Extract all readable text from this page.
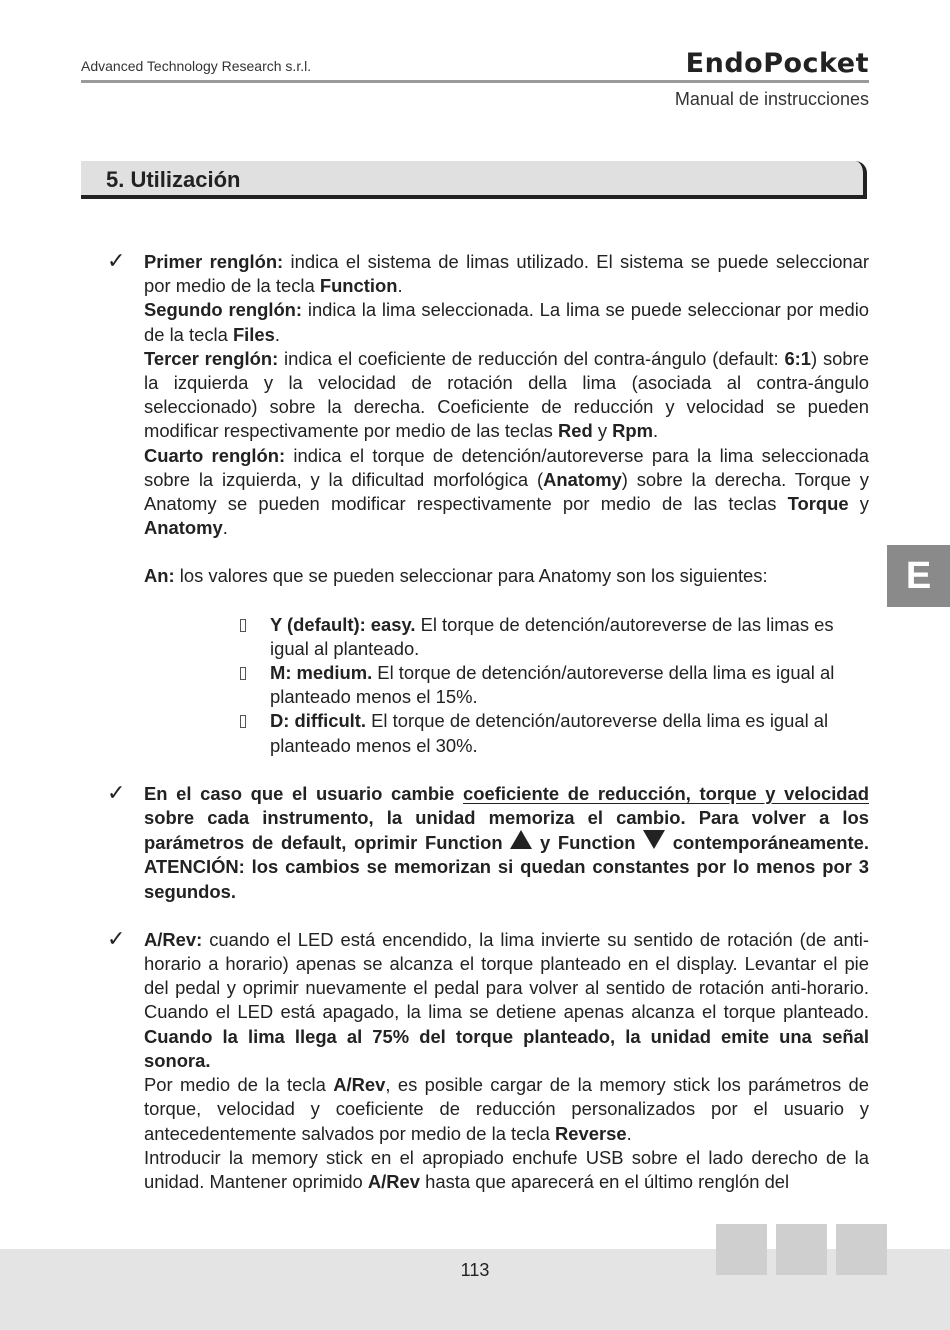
Advanced Technology Research s.r.l.	EndoPocket
Manual de instrucciones
5. Utilización
E
✓ Primer renglón: indica el sistema de limas utilizado. El sistema se puede seleccionar por medio de la tecla Function.
Segundo renglón: indica la lima seleccionada. La lima se puede seleccionar por medio de la tecla Files.
Tercer renglón: indica el coeficiente de reducción del contra-ángulo (default: 6:1) sobre la izquierda y la velocidad de rotación della lima (asociada al contra-ángulo seleccionado) sobre la derecha. Coeficiente de reducción y velocidad se pueden modificar respectivamente por medio de las teclas Red y Rpm.
Cuarto renglón: indica el torque de detención/autoreverse para la lima seleccionada sobre la izquierda, y la dificultad morfológica (Anatomy) sobre la derecha. Torque y Anatomy se pueden modificar respectivamente por medio de las teclas Torque y Anatomy.
An: los valores que se pueden seleccionar para Anatomy son los siguientes:
Y (default): easy. El torque de detención/autoreverse de las limas es igual al planteado.
M: medium. El torque de detención/autoreverse della lima es igual al planteado menos el 15%.
D: difficult. El torque de detención/autoreverse della lima es igual al planteado menos el 30%.
✓ En el caso que el usuario cambie coeficiente de reducción, torque y velocidad sobre cada instrumento, la unidad memoriza el cambio. Para volver a los parámetros de default, oprimir Function  y Function  contemporáneamente. ATENCIÓN: los cambios se memorizan si quedan constantes por lo menos por 3 segundos.
✓ A/Rev: cuando el LED está encendido, la lima invierte su sentido de rotación (de anti-horario a horario) apenas se alcanza el torque planteado en el display. Levantar el pie del pedal y oprimir nuevamente el pedal para volver al sentido de rotación anti-horario. Cuando el LED está apagado, la lima se detiene apenas alcanza el torque planteado. Cuando la lima llega al 75% del torque planteado, la unidad emite una señal sonora.
Por medio de la tecla A/Rev, es posible cargar de la memory stick los parámetros de torque, velocidad y coeficiente de reducción personalizados por el usuario y antecedentemente salvados por medio de la tecla Reverse.
Introducir la memory stick en el apropiado enchufe USB sobre el lado derecho de la unidad. Mantener oprimido A/Rev hasta que aparecerá en el último renglón del
113
